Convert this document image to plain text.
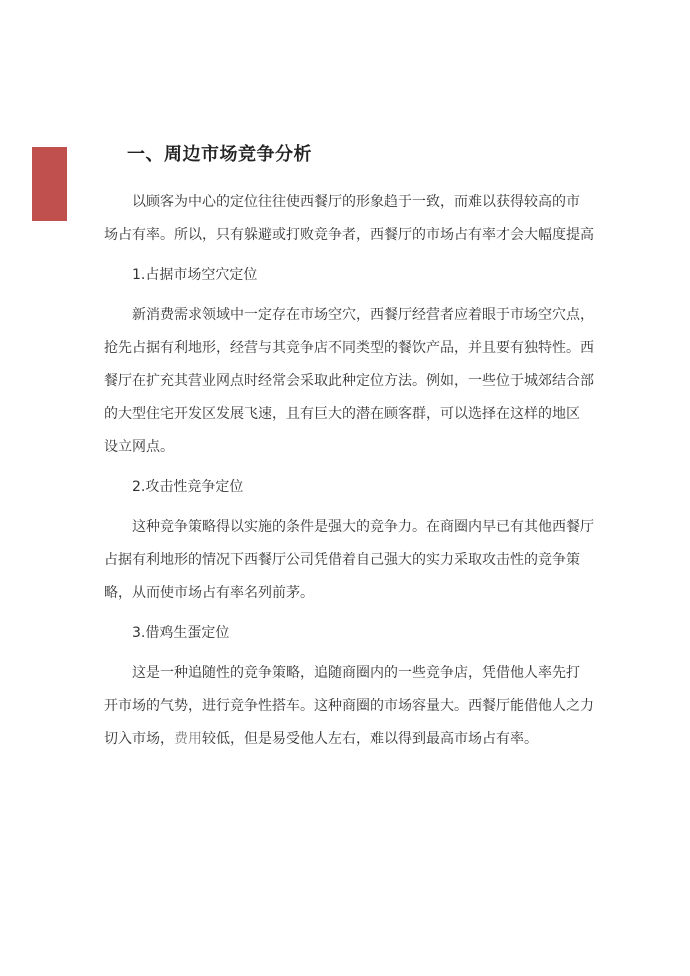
一、周边市场竞争分析

以顾客为中心的定位往往使西餐厅的形象趋于一致，而难以获得较高的市
场占有率。所以，只有躲避或打败竞争者，西餐厅的市场占有率才会大幅度提高

1.占据市场空穴定位

新消费需求领域中一定存在市场空穴，西餐厅经营者应着眼于市场空穴点，
抢先占据有利地形，经营与其竞争店不同类型的餐饮产品，并且要有独特性。西
餐厅在扩充其营业网点时经常会采取此种定位方法。例如，一些位于城郊结合部
的大型住宅开发区发展飞速，且有巨大的潜在顾客群，可以选择在这样的地区
设立网点。

2.攻击性竞争定位

这种竞争策略得以实施的条件是强大的竞争力。在商圈内早已有其他西餐厅
占据有利地形的情况下西餐厅公司凭借着自己强大的实力采取攻击性的竞争策
略，从而使市场占有率名列前茅。

3.借鸡生蛋定位

这是一种追随性的竞争策略，追随商圈内的一些竞争店，凭借他人率先打
开市场的气势，进行竞争性搭车。这种商圈的市场容量大。西餐厅能借他人之力
切入市场，费用较低，但是易受他人左右，难以得到最高市场占有率。
